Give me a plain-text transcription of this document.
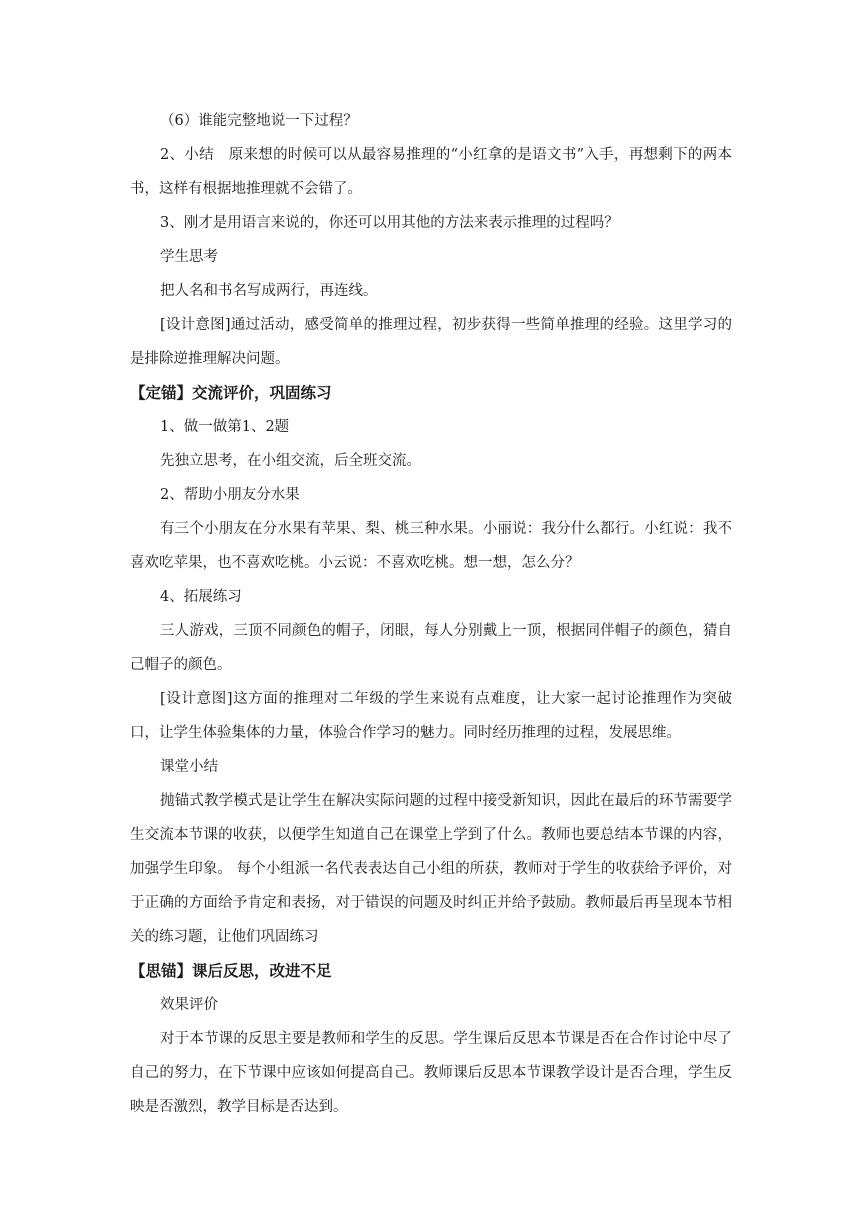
（6）谁能完整地说一下过程？

2、小结　原来想的时候可以从最容易推理的“小红拿的是语文书”入手，再想剩下的两本书，这样有根据地推理就不会错了。

3、刚才是用语言来说的，你还可以用其他的方法来表示推理的过程吗？

学生思考

把人名和书名写成两行，再连线。

[设计意图]通过活动，感受简单的推理过程，初步获得一些简单推理的经验。这里学习的是排除逆推理解决问题。

【定锚】交流评价，巩固练习

1、做一做第1、2题

先独立思考，在小组交流，后全班交流。

2、帮助小朋友分水果

有三个小朋友在分水果有苹果、梨、桃三种水果。小丽说：我分什么都行。小红说：我不喜欢吃苹果，也不喜欢吃桃。小云说：不喜欢吃桃。想一想，怎么分？

4、拓展练习

三人游戏，三顶不同颜色的帽子，闭眼，每人分别戴上一顶，根据同伴帽子的颜色，猜自己帽子的颜色。

[设计意图]这方面的推理对二年级的学生来说有点难度，让大家一起讨论推理作为突破口，让学生体验集体的力量，体验合作学习的魅力。同时经历推理的过程，发展思维。

课堂小结

抛锚式教学模式是让学生在解决实际问题的过程中接受新知识，因此在最后的环节需要学生交流本节课的收获，以便学生知道自己在课堂上学到了什么。教师也要总结本节课的内容，加强学生印象。 每个小组派一名代表表达自己小组的所获，教师对于学生的收获给予评价，对于正确的方面给予肯定和表扬，对于错误的问题及时纠正并给予鼓励。教师最后再呈现本节相关的练习题，让他们巩固练习

【思锚】课后反思，改进不足

效果评价

对于本节课的反思主要是教师和学生的反思。学生课后反思本节课是否在合作讨论中尽了自己的努力，在下节课中应该如何提高自己。教师课后反思本节课教学设计是否合理，学生反映是否激烈，教学目标是否达到。
